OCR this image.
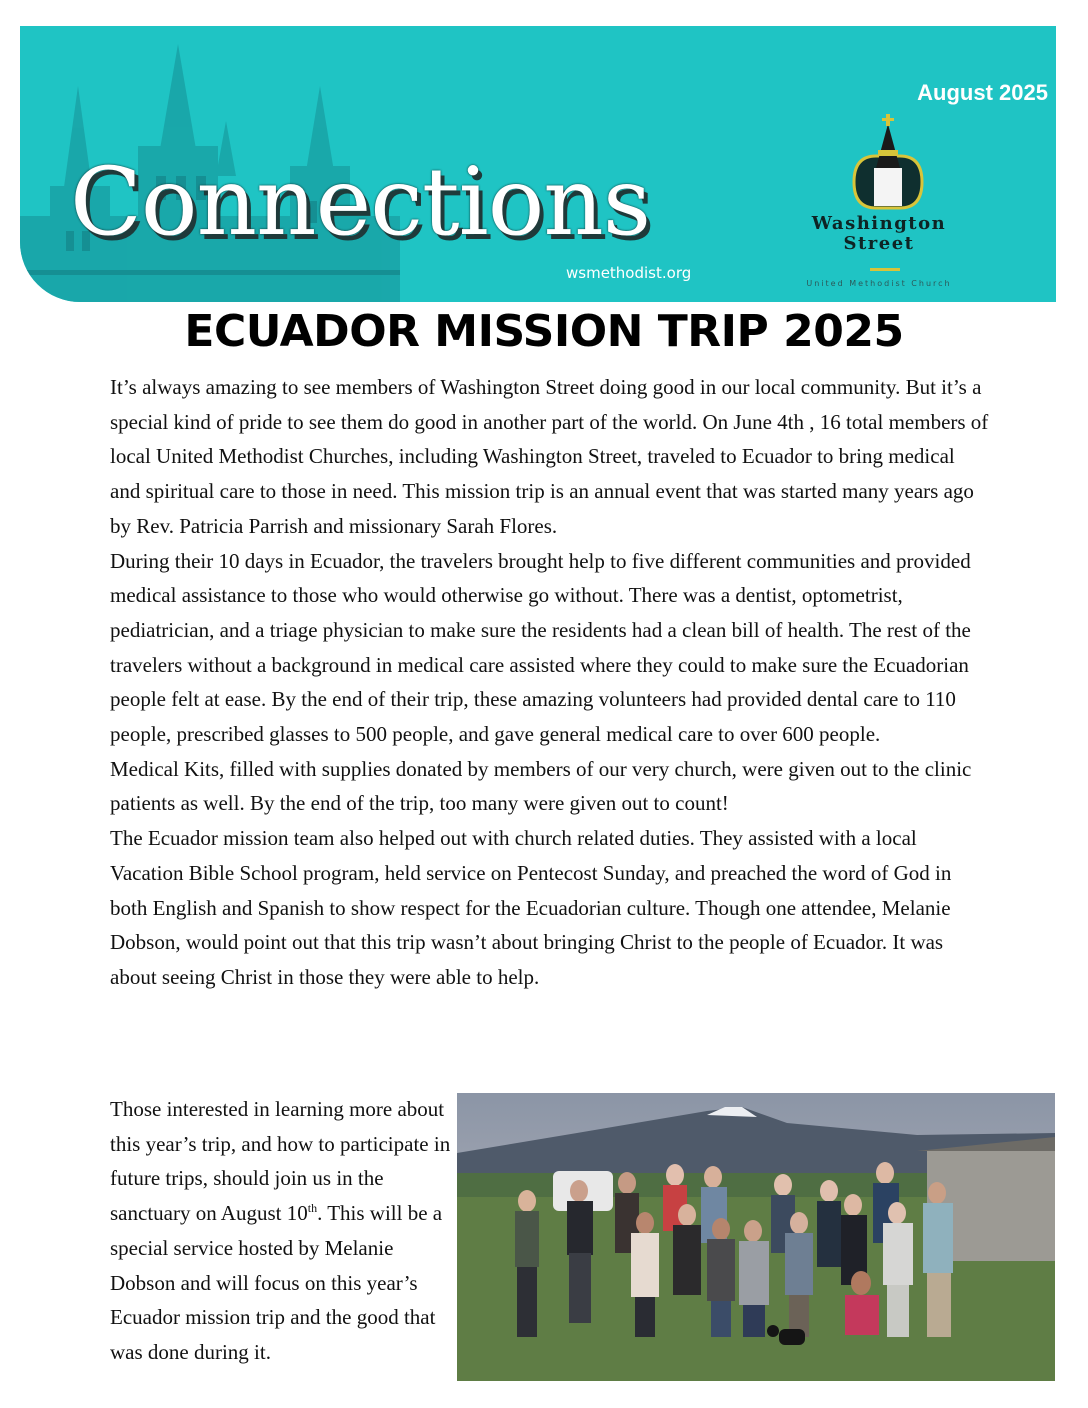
Connections
wsmethodist.org
August 2025
Washington
Street
United Methodist Church
ECUADOR MISSION TRIP 2025

It’s always amazing to see members of Washington Street doing good in our local community. But it’s a special kind of pride to see them do good in another part of the world. On June 4th , 16 total members of local United Methodist Churches, including Washington Street, traveled to Ecuador to bring medical and spiritual care to those in need. This mission trip is an annual event that was started many years ago by Rev. Patricia Parrish and missionary Sarah Flores.

During their 10 days in Ecuador, the travelers brought help to five different communities and provided medical assistance to those who would otherwise go without. There was a dentist, optometrist, pediatrician, and a triage physician to make sure the residents had a clean bill of health. The rest of the travelers without a background in medical care assisted where they could to make sure the Ecuadorian people felt at ease. By the end of their trip, these amazing volunteers had provided dental care to 110 people, prescribed glasses to 500 people, and gave general medical care to over 600 people.

Medical Kits, filled with supplies donated by members of our very church, were given out to the clinic patients as well. By the end of the trip, too many were given out to count!

The Ecuador mission team also helped out with church related duties. They assisted with a local Vacation Bible School program, held service on Pentecost Sunday, and preached the word of God in both English and Spanish to show respect for the Ecuadorian culture. Though one attendee, Melanie Dobson, would point out that this trip wasn’t about bringing Christ to the people of Ecuador. It was about seeing Christ in those they were able to help.

Those interested in learning more about this year’s trip, and how to participate in future trips, should join us in the sanctuary on August 10th. This will be a special service hosted by Melanie Dobson and will focus on this year’s Ecuador mission trip and the good that was done during it.
